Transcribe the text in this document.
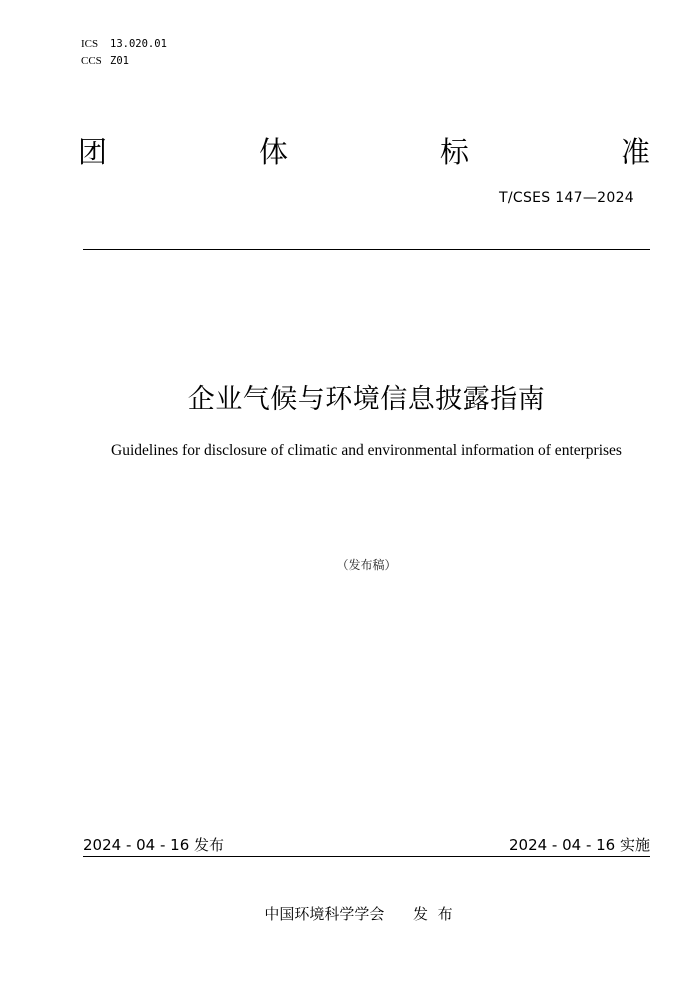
ICS	13.020.01
CCS Z01
团	体	标	准
T/CSES 147—2024
企业气候与环境信息披露指南
Guidelines for disclosure of climatic and environmental information of enterprises
（发布稿）
2024 - 04 - 16 发布	2024 - 04 - 16 实施
中国环境科学学会 发  布
